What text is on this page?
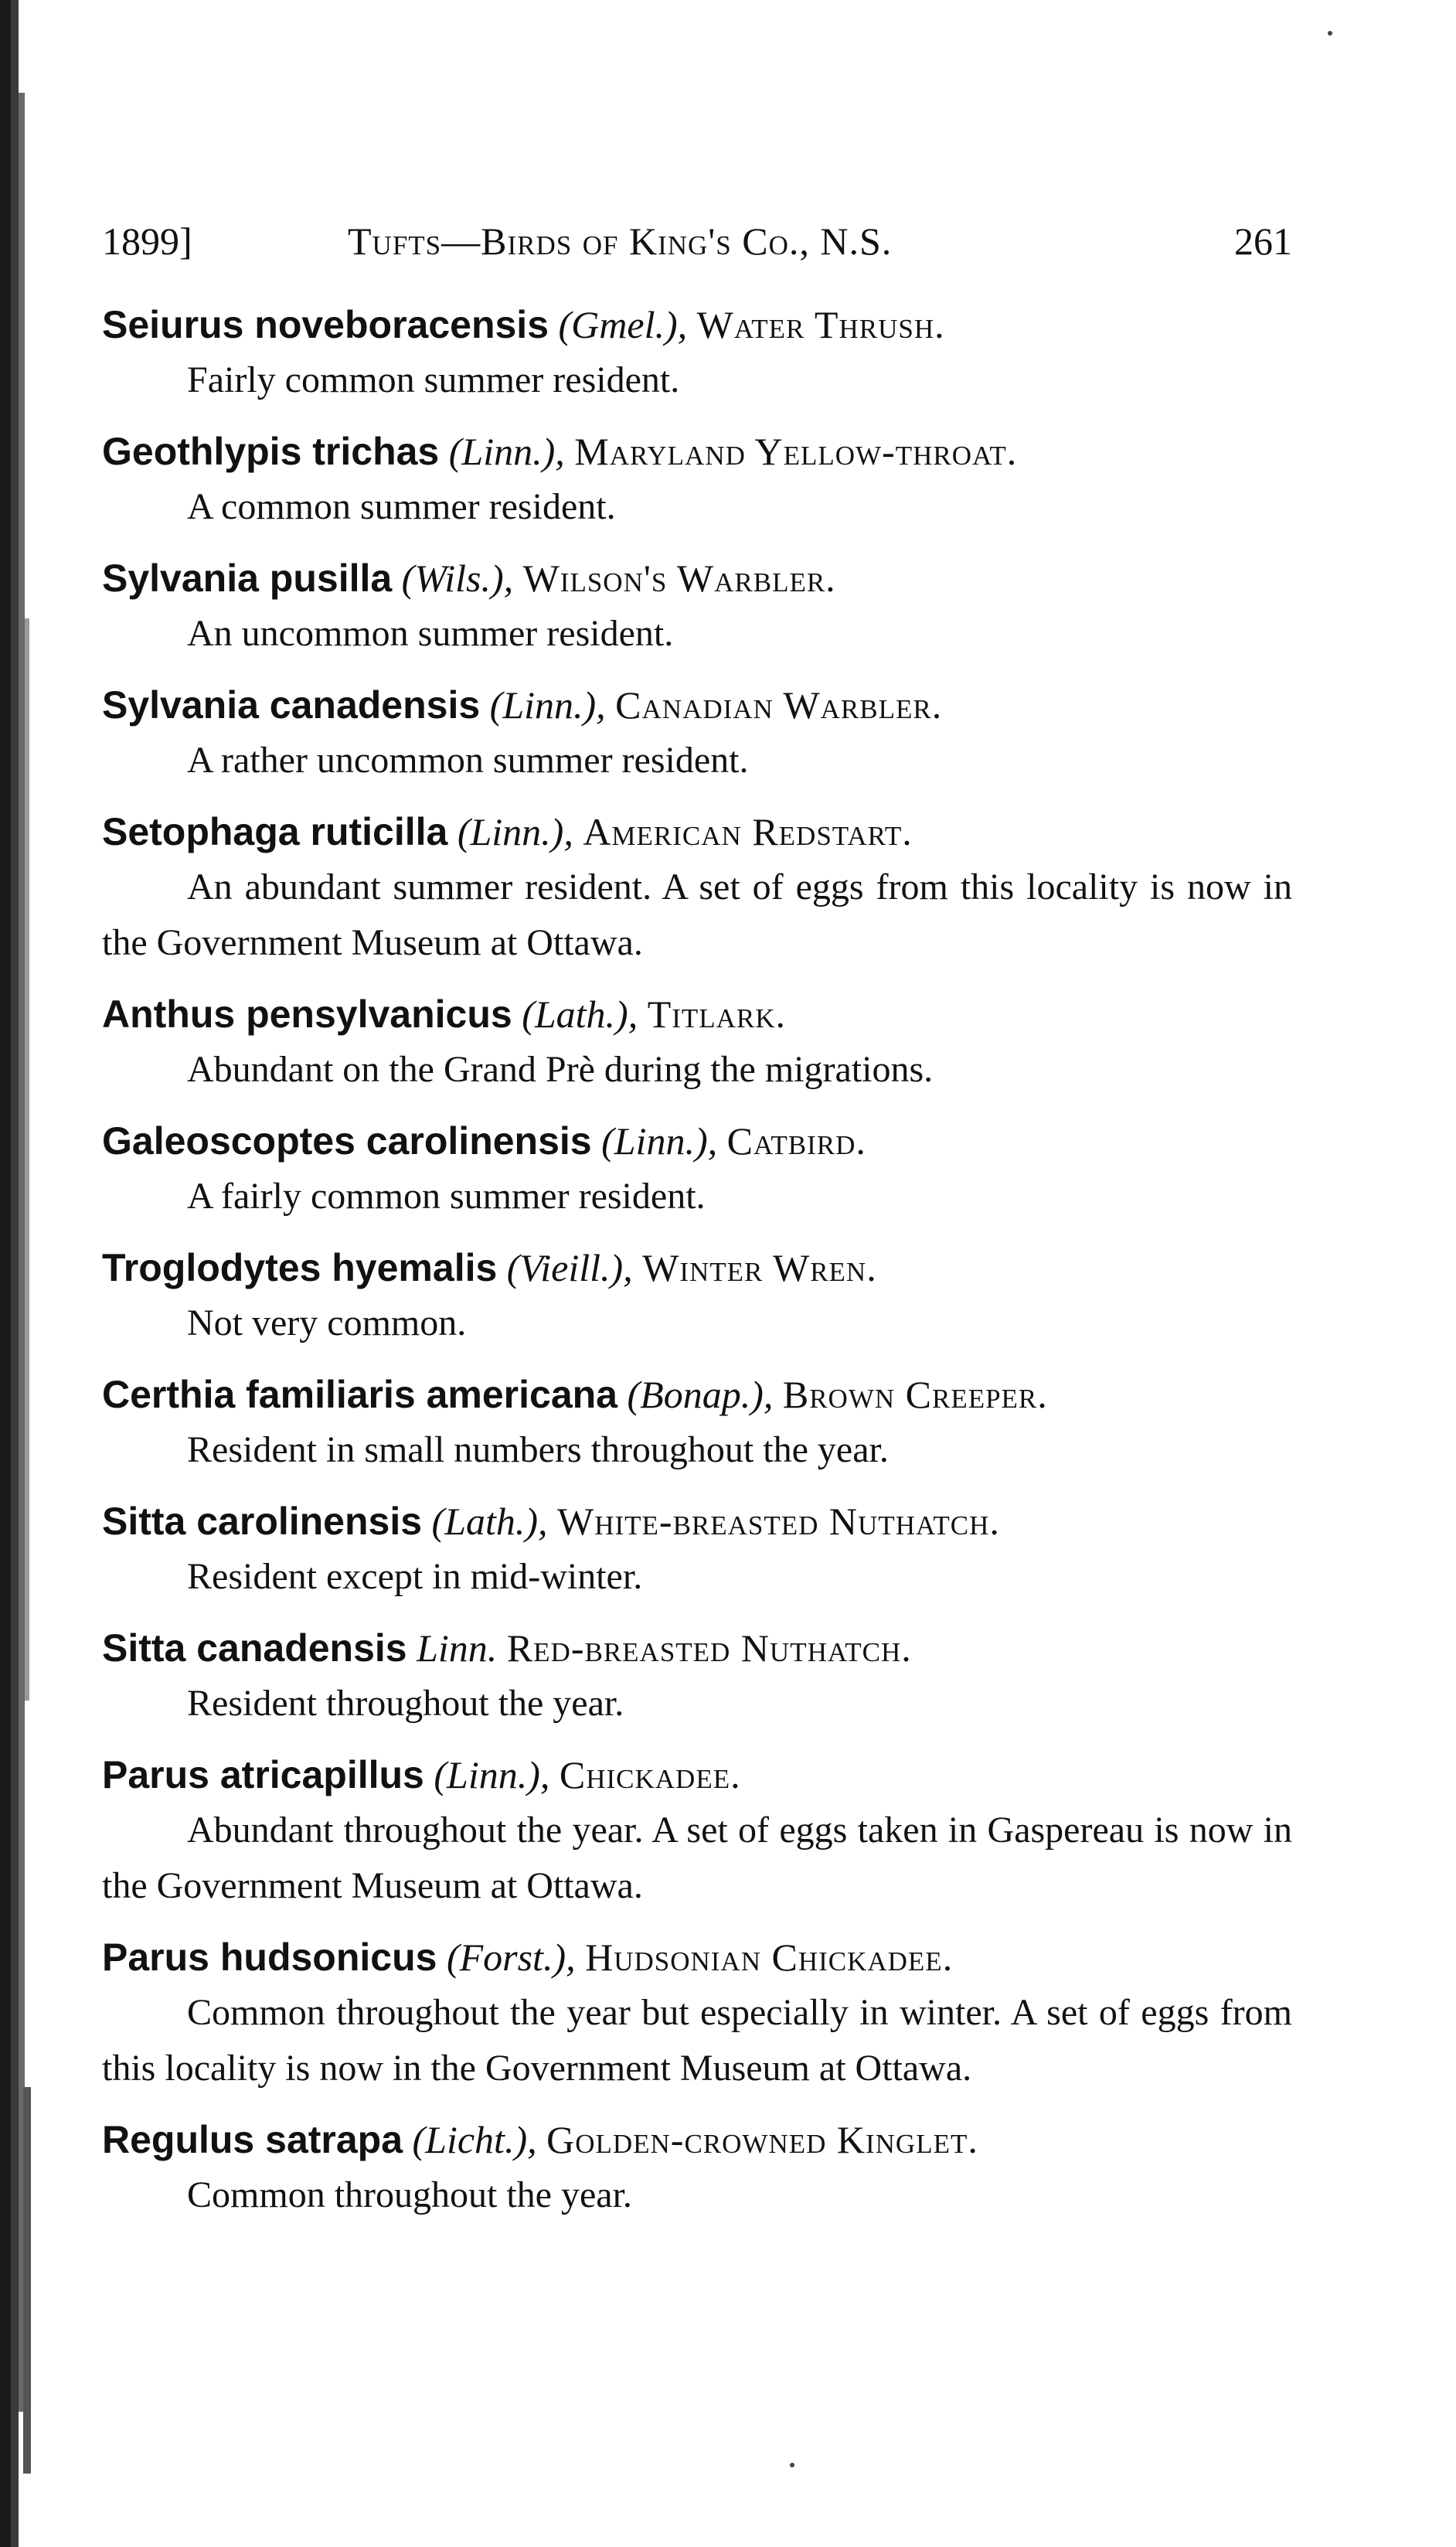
1899]	Tufts—Birds of King's Co., N.S.	261
Seiurus noveboracensis (Gmel.), Water Thrush.

Fairly common summer resident.

Geothlypis trichas (Linn.), Maryland Yellow-throat.

A common summer resident.

Sylvania pusilla (Wils.), Wilson's Warbler.

An uncommon summer resident.

Sylvania canadensis (Linn.), Canadian Warbler.

A rather uncommon summer resident.

Setophaga ruticilla (Linn.), American Redstart.

An abundant summer resident. A set of eggs from this locality is now in the Government Museum at Ottawa.

Anthus pensylvanicus (Lath.), Titlark.

Abundant on the Grand Prè during the migrations.

Galeoscoptes carolinensis (Linn.), Catbird.

A fairly common summer resident.

Troglodytes hyemalis (Vieill.), Winter Wren.

Not very common.

Certhia familiaris americana (Bonap.), Brown Creeper.

Resident in small numbers throughout the year.

Sitta carolinensis (Lath.), White-breasted Nuthatch.

Resident except in mid-winter.

Sitta canadensis Linn. Red-breasted Nuthatch.

Resident throughout the year.

Parus atricapillus (Linn.), Chickadee.

Abundant throughout the year. A set of eggs taken in Gaspereau is now in the Government Museum at Ottawa.

Parus hudsonicus (Forst.), Hudsonian Chickadee.

Common throughout the year but especially in winter. A set of eggs from this locality is now in the Government Museum at Ottawa.

Regulus satrapa (Licht.), Golden-crowned Kinglet.

Common throughout the year.
